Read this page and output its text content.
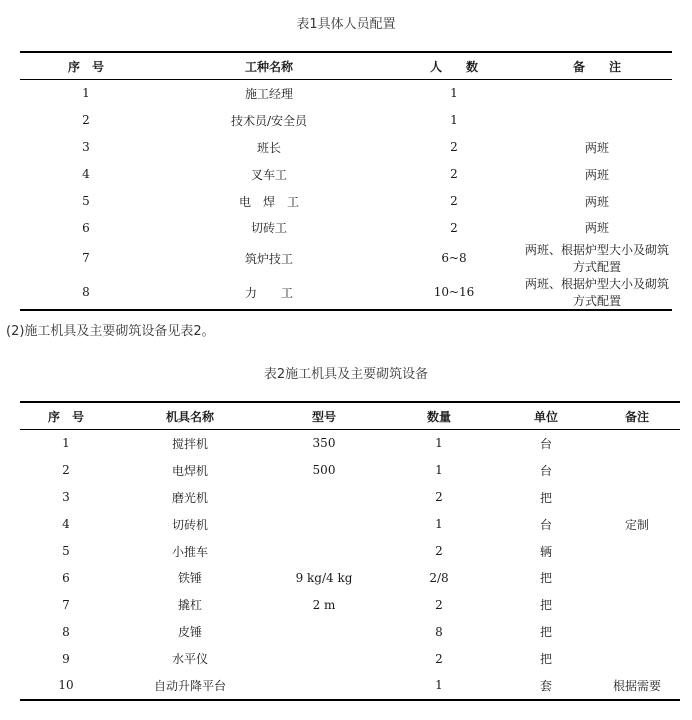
表1具体人员配置
序　号	工种名称	人　　数	备　　注
1	施工经理	1	
2	技术员/安全员	1	
3	班长	2	两班
4	叉车工	2	两班
5	电　焊　工	2	两班
6	切砖工	2	两班
7	筑炉技工	6~8	两班、根据炉型大小及砌筑方式配置
8	力　　工	10~16	两班、根据炉型大小及砌筑方式配置
(2)施工机具及主要砌筑设备见表2。
表2施工机具及主要砌筑设备
序　号	机具名称	型号	数量	单位	备注
1	搅拌机	350	1	台	
2	电焊机	500	1	台	
3	磨光机		2	把	
4	切砖机		1	台	定制
5	小推车		2	辆	
6	铁锤	9 kg/4 kg	2/8	把	
7	撬杠	2 m	2	把	
8	皮锤		8	把	
9	水平仪		2	把	
10	自动升降平台		1	套	根据需要
